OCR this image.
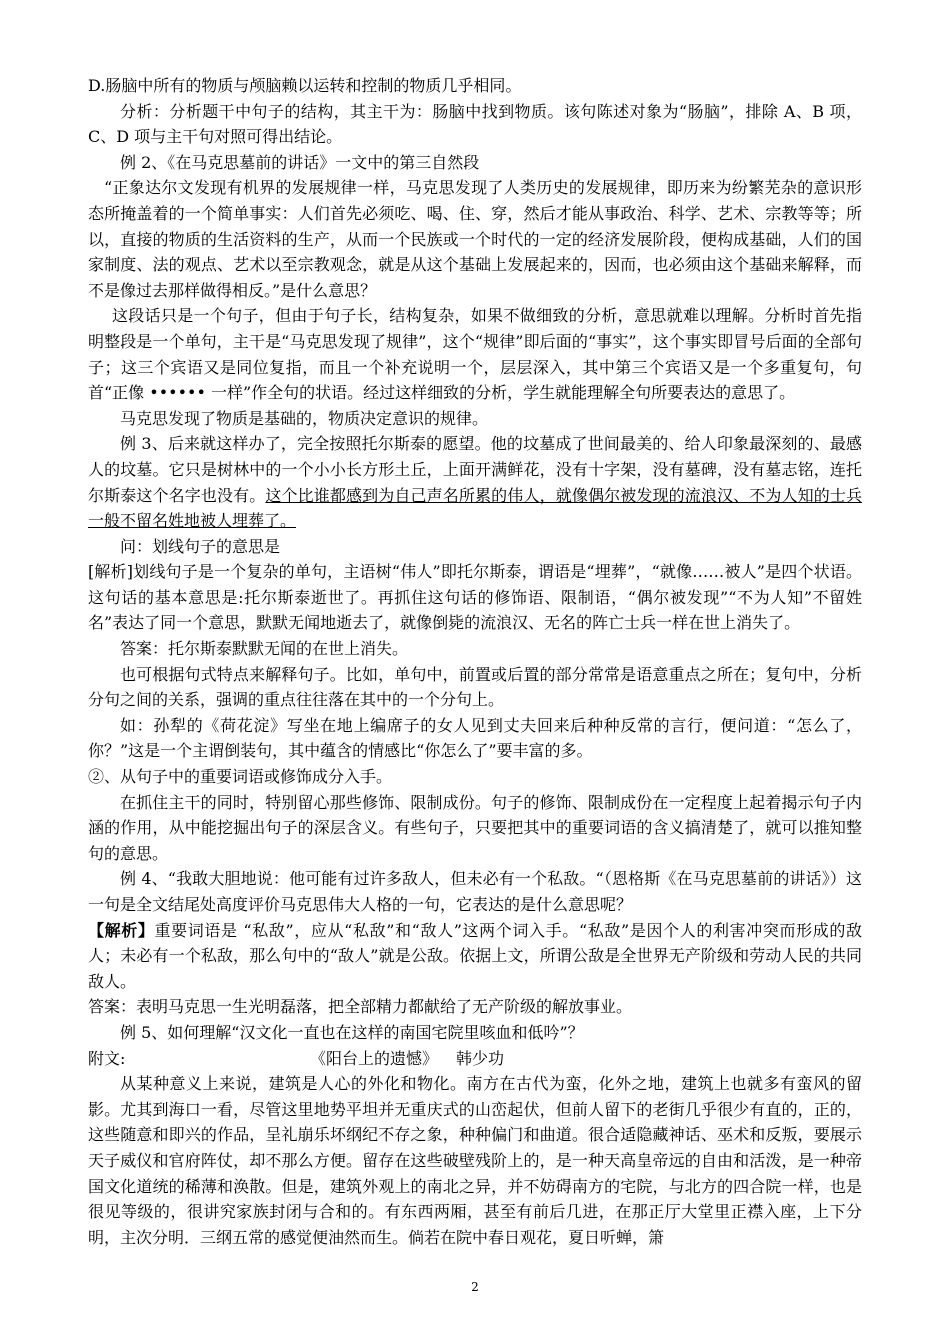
D.肠脑中所有的物质与颅脑赖以运转和控制的物质几乎相同。

分析：分析题干中句子的结构，其主干为：肠脑中找到物质。该句陈述对象为“肠脑”，排除 A、B 项，C、D 项与主干句对照可得出结论。

例 2、《在马克思墓前的讲话》一文中的第三自然段

“正象达尔文发现有机界的发展规律一样，马克思发现了人类历史的发展规律，即历来为纷繁芜杂的意识形态所掩盖着的一个简单事实：人们首先必须吃、喝、住、穿，然后才能从事政治、科学、艺术、宗教等等；所以，直接的物质的生活资料的生产，从而一个民族或一个时代的一定的经济发展阶段，便构成基础，人们的国家制度、法的观点、艺术以至宗教观念，就是从这个基础上发展起来的，因而，也必须由这个基础来解释，而不是像过去那样做得相反。”是什么意思？

这段话只是一个句子，但由于句子长，结构复杂，如果不做细致的分析，意思就难以理解。分析时首先指明整段是一个单句，主干是“马克思发现了规律”，这个“规律”即后面的“事实”，这个事实即冒号后面的全部句子；这三个宾语又是同位复指，而且一个补充说明一个，层层深入，其中第三个宾语又是一个多重复句，句首“正像 •••••• 一样”作全句的状语。经过这样细致的分析，学生就能理解全句所要表达的意思了。

马克思发现了物质是基础的，物质决定意识的规律。

例 3、后来就这样办了，完全按照托尔斯泰的愿望。他的坟墓成了世间最美的、给人印象最深刻的、最感人的坟墓。它只是树林中的一个小小长方形土丘，上面开满鲜花，没有十字架，没有墓碑，没有墓志铭，连托尔斯泰这个名字也没有。这个比谁都感到为自己声名所累的伟人，就像偶尔被发现的流浪汉、不为人知的士兵一般不留名姓地被人埋葬了。

问：划线句子的意思是

[解析]划线句子是一个复杂的单句，主语树“伟人”即托尔斯泰，谓语是“埋葬”，“就像……被人”是四个状语。这句话的基本意思是:托尔斯泰逝世了。再抓住这句话的修饰语、限制语，“偶尔被发现”“不为人知”不留姓名”表达了同一个意思，默默无闻地逝去了，就像倒毙的流浪汉、无名的阵亡士兵一样在世上消失了。

答案：托尔斯泰默默无闻的在世上消失。

也可根据句式特点来解释句子。比如，单句中，前置或后置的部分常常是语意重点之所在；复句中，分析分句之间的关系，强调的重点往往落在其中的一个分句上。

如：孙犁的《荷花淀》写坐在地上编席子的女人见到丈夫回来后种种反常的言行，便问道：“怎么了，你？”这是一个主谓倒装句，其中蕴含的情感比“你怎么了”要丰富的多。

②、从句子中的重要词语或修饰成分入手。

在抓住主干的同时，特别留心那些修饰、限制成份。句子的修饰、限制成份在一定程度上起着揭示句子内涵的作用，从中能挖掘出句子的深层含义。有些句子，只要把其中的重要词语的含义搞清楚了，就可以推知整句的意思。

例 4、“我敢大胆地说：他可能有过许多敌人，但未必有一个私敌。“（恩格斯《在马克思墓前的讲话》）这一句是全文结尾处高度评价马克思伟大人格的一句，它表达的是什么意思呢？

【解析】重要词语是 “私敌”，应从“私敌”和“敌人”这两个词入手。“私敌”是因个人的利害冲突而形成的敌人；未必有一个私敌，那么句中的“敌人”就是公敌。依据上文，所谓公敌是全世界无产阶级和劳动人民的共同敌人。

答案：表明马克思一生光明磊落，把全部精力都献给了无产阶级的解放事业。

例 5、如何理解“汉文化一直也在这样的南国宅院里咳血和低吟”？

附文:	《阳台上的遗憾》 韩少功

从某种意义上来说，建筑是人心的外化和物化。南方在古代为蛮，化外之地，建筑上也就多有蛮风的留影。尤其到海口一看，尽管这里地势平坦并无重庆式的山峦起伏，但前人留下的老街几乎很少有直的，正的，这些随意和即兴的作品，呈礼崩乐坏纲纪不存之象，种种偏门和曲道。很合适隐藏神话、巫术和反叛，要展示天子威仪和官府阵仗，却不那么方便。留存在这些破壁残阶上的，是一种天高皇帝远的自由和活泼，是一种帝国文化道统的稀薄和涣散。但是，建筑外观上的南北之异，并不妨碍南方的宅院，与北方的四合院一样，也是很见等级的，很讲究家族封闭与合和的。有东西两厢，甚至有前后几进，在那正厅大堂里正襟入座，上下分明，主次分明．三纲五常的感觉便油然而生。倘若在院中春日观花，夏日听蝉，箫

2
